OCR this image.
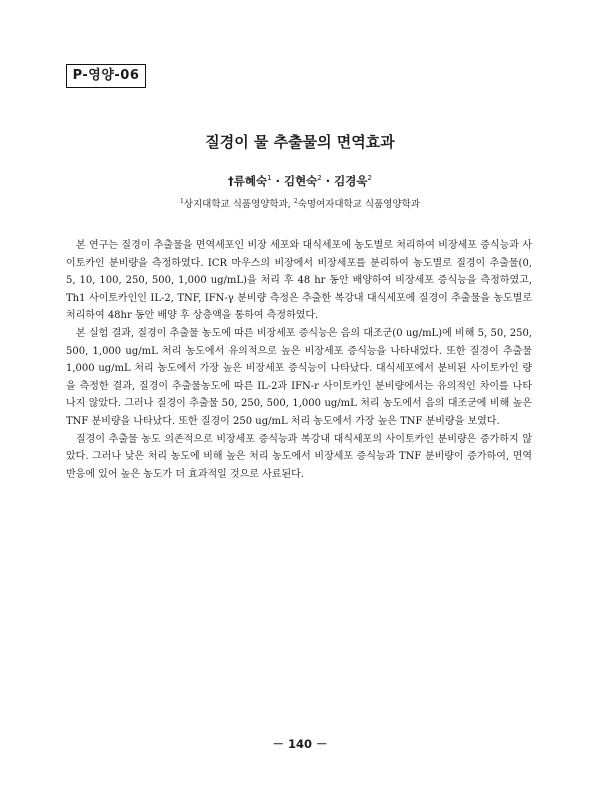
P-영양-06
질경이 물 추출물의 면역효과
†류혜숙$^1$ · 김현숙$^2$ · 김경욱$^2$
$^1$상지대학교 식품영양학과, $^2$숙명여자대학교 식품영양학과

본 연구는 질경이 추출물을 면역세포인 비장 세포와 대식세포에 농도별로 처리하여 비장세포 증식능과 사이토카인 분비량을 측정하였다. ICR 마우스의 비장에서 비장세포를 분리하여 농도별로 질경이 추출물(0, 5, 10, 100, 250, 500, 1,000 ug/mL)을 처리 후 48 hr 동안 배양하여 비장세포 증식능을 측정하였고, Th1 사이토카인인 IL-2, TNF, IFN-γ 분비량 측정은 추출한 복강내 대식세포에 질경이 추출물을 농도별로 처리하여 48hr 동안 배양 후 상층액을 통하여 측정하였다.

본 실험 결과, 질경이 추출물 농도에 따른 비장세포 증식능은 음의 대조군(0 ug/mL)에 비해 5, 50, 250, 500, 1,000 ug/mL 처리 농도에서 유의적으로 높은 비장세포 증식능을 나타내었다. 또한 질경이 추출물 1,000 ug/mL 처리 농도에서 가장 높은 비장세포 증식능이 나타났다. 대식세포에서 분비된 사이토카인 량을 측정한 결과, 질경이 추출물농도에 따른 IL-2과 IFN-r 사이토카인 분비량에서는 유의적인 차이를 나타나지 않았다. 그러나 질경이 추출물 50, 250, 500, 1,000 ug/mL 처리 농도에서 음의 대조군에 비해 높은 TNF 분비량을 나타났다. 또한 질경이 250 ug/mL 처리 농도에서 가장 높은 TNF 분비량을 보였다.

질경이 추출물 농도 의존적으로 비장세포 증식능과 복강내 대식세포의 사이토카인 분비량은 증가하지 않았다. 그러나 낮은 처리 농도에 비해 높은 처리 농도에서 비장세포 증식능과 TNF 분비량이 증가하여, 면역반응에 있어 높은 농도가 더 효과적일 것으로 사료된다.

－ 140 －
